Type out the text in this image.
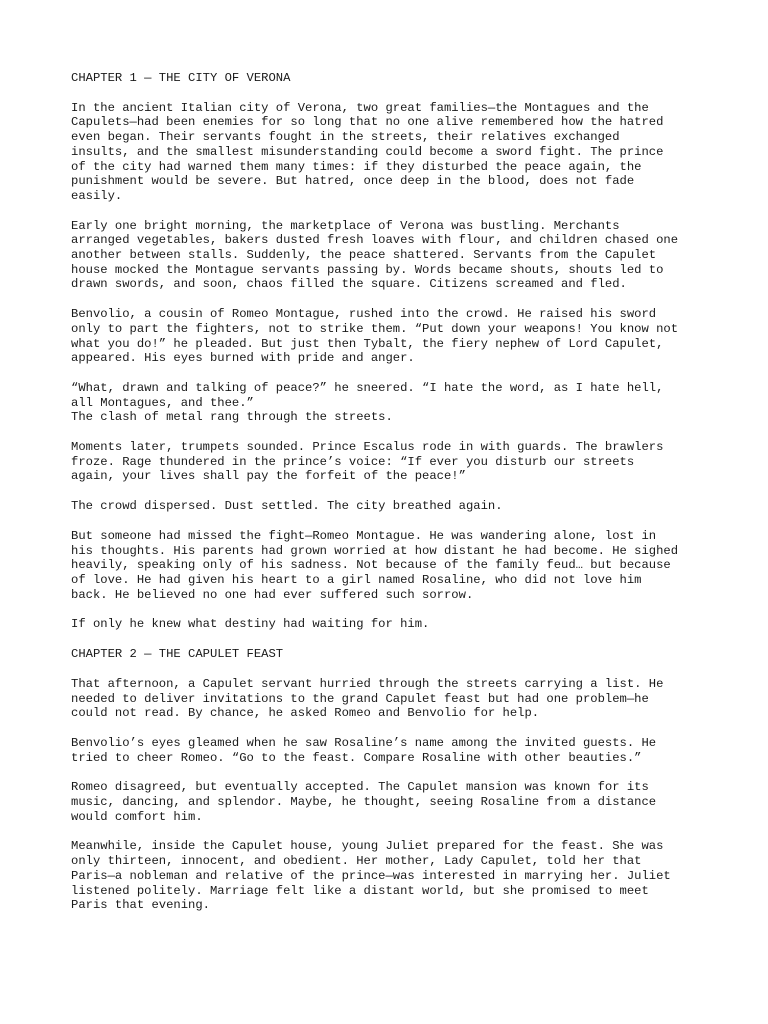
CHAPTER 1 — THE CITY OF VERONA

In the ancient Italian city of Verona, two great families—the Montagues and the
Capulets—had been enemies for so long that no one alive remembered how the hatred
even began. Their servants fought in the streets, their relatives exchanged
insults, and the smallest misunderstanding could become a sword fight. The prince
of the city had warned them many times: if they disturbed the peace again, the
punishment would be severe. But hatred, once deep in the blood, does not fade
easily.

Early one bright morning, the marketplace of Verona was bustling. Merchants
arranged vegetables, bakers dusted fresh loaves with flour, and children chased one
another between stalls. Suddenly, the peace shattered. Servants from the Capulet
house mocked the Montague servants passing by. Words became shouts, shouts led to
drawn swords, and soon, chaos filled the square. Citizens screamed and fled.

Benvolio, a cousin of Romeo Montague, rushed into the crowd. He raised his sword
only to part the fighters, not to strike them. “Put down your weapons! You know not
what you do!” he pleaded. But just then Tybalt, the fiery nephew of Lord Capulet,
appeared. His eyes burned with pride and anger.

“What, drawn and talking of peace?” he sneered. “I hate the word, as I hate hell,
all Montagues, and thee.”
The clash of metal rang through the streets.

Moments later, trumpets sounded. Prince Escalus rode in with guards. The brawlers
froze. Rage thundered in the prince’s voice: “If ever you disturb our streets
again, your lives shall pay the forfeit of the peace!”

The crowd dispersed. Dust settled. The city breathed again.

But someone had missed the fight—Romeo Montague. He was wandering alone, lost in
his thoughts. His parents had grown worried at how distant he had become. He sighed
heavily, speaking only of his sadness. Not because of the family feud… but because
of love. He had given his heart to a girl named Rosaline, who did not love him
back. He believed no one had ever suffered such sorrow.

If only he knew what destiny had waiting for him.

CHAPTER 2 — THE CAPULET FEAST

That afternoon, a Capulet servant hurried through the streets carrying a list. He
needed to deliver invitations to the grand Capulet feast but had one problem—he
could not read. By chance, he asked Romeo and Benvolio for help.

Benvolio’s eyes gleamed when he saw Rosaline’s name among the invited guests. He
tried to cheer Romeo. “Go to the feast. Compare Rosaline with other beauties.”

Romeo disagreed, but eventually accepted. The Capulet mansion was known for its
music, dancing, and splendor. Maybe, he thought, seeing Rosaline from a distance
would comfort him.

Meanwhile, inside the Capulet house, young Juliet prepared for the feast. She was
only thirteen, innocent, and obedient. Her mother, Lady Capulet, told her that
Paris—a nobleman and relative of the prince—was interested in marrying her. Juliet
listened politely. Marriage felt like a distant world, but she promised to meet
Paris that evening.
